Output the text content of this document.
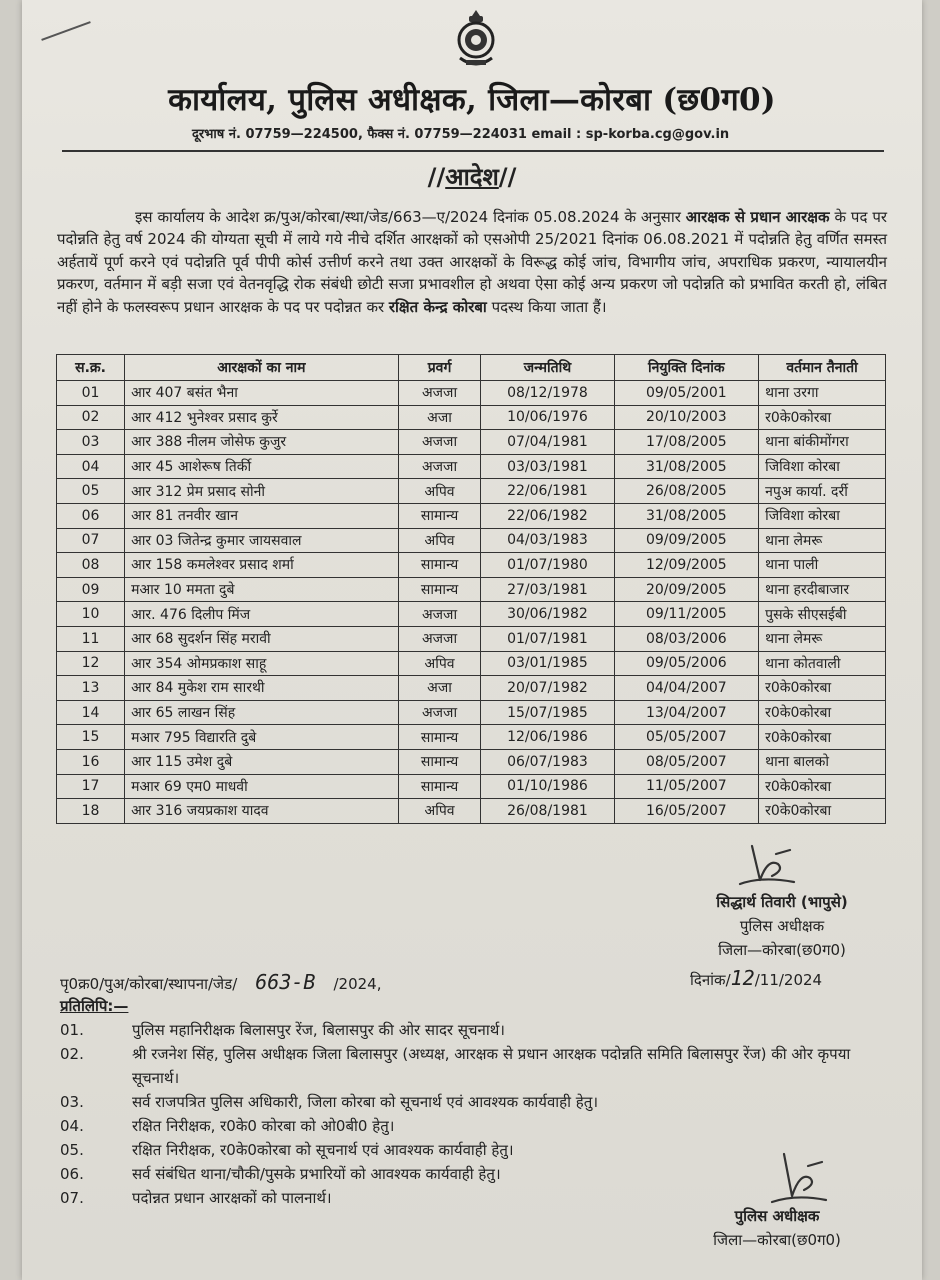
कार्यालय, पुलिस अधीक्षक, जिला—कोरबा (छ0ग0)
दूरभाष नं. 07759—224500, फैक्स नं. 07759—224031 email : sp-korba.cg@gov.in
//आदेश//
इस कार्यालय के आदेश क्र/पुअ/कोरबा/स्था/जेड/663—ए/2024 दिनांक 05.08.2024 के अनुसार आरक्षक से प्रधान आरक्षक के पद पर पदोन्नति हेतु वर्ष 2024 की योग्यता सूची में लाये गये नीचे दर्शित आरक्षकों को एसओपी 25/2021 दिनांक 06.08.2021 में पदोन्नति हेतु वर्णित समस्त अर्हतायें पूर्ण करने एवं पदोन्नति पूर्व पीपी कोर्स उत्तीर्ण करने तथा उक्त आरक्षकों के विरूद्ध कोई जांच, विभागीय जांच, अपराधिक प्रकरण, न्यायालयीन प्रकरण, वर्तमान में बड़ी सजा एवं वेतनवृद्धि रोक संबंधी छोटी सजा प्रभावशील हो अथवा ऐसा कोई अन्य प्रकरण जो पदोन्नति को प्रभावित करती हो, लंबित नहीं होने के फलस्वरूप प्रधान आरक्षक के पद पर पदोन्नत कर रक्षित केन्द्र कोरबा पदस्थ किया जाता हैं।
स.क्र.	आरक्षकों का नाम	प्रवर्ग	जन्मतिथि	नियुक्ति दिनांक	वर्तमान तैनाती
01	आर 407 बसंत भैना	अजजा	08/12/1978	09/05/2001	थाना उरगा
02	आर 412 भुनेश्वर प्रसाद कुर्रे	अजा	10/06/1976	20/10/2003	र0के0कोरबा
03	आर 388 नीलम जोसेफ कुजुर	अजजा	07/04/1981	17/08/2005	थाना बांकीमोंगरा
04	आर 45 आशेरूष तिर्की	अजजा	03/03/1981	31/08/2005	जिविशा कोरबा
05	आर 312 प्रेम प्रसाद सोनी	अपिव	22/06/1981	26/08/2005	नपुअ कार्या. दर्री
06	आर 81 तनवीर खान	सामान्य	22/06/1982	31/08/2005	जिविशा कोरबा
07	आर 03 जितेन्द्र कुमार जायसवाल	अपिव	04/03/1983	09/09/2005	थाना लेमरू
08	आर 158 कमलेश्वर प्रसाद शर्मा	सामान्य	01/07/1980	12/09/2005	थाना पाली
09	मआर 10 ममता दुबे	सामान्य	27/03/1981	20/09/2005	थाना हरदीबाजार
10	आर. 476 दिलीप मिंज	अजजा	30/06/1982	09/11/2005	पुसके सीएसईबी
11	आर 68 सुदर्शन सिंह मरावी	अजजा	01/07/1981	08/03/2006	थाना लेमरू
12	आर 354 ओमप्रकाश साहू	अपिव	03/01/1985	09/05/2006	थाना कोतवाली
13	आर 84 मुकेश राम सारथी	अजा	20/07/1982	04/04/2007	र0के0कोरबा
14	आर 65 लाखन सिंह	अजजा	15/07/1985	13/04/2007	र0के0कोरबा
15	मआर 795 विद्यारति दुबे	सामान्य	12/06/1986	05/05/2007	र0के0कोरबा
16	आर 115 उमेश दुबे	सामान्य	06/07/1983	08/05/2007	थाना बालको
17	मआर 69 एम0 माधवी	सामान्य	01/10/1986	11/05/2007	र0के0कोरबा
18	आर 316 जयप्रकाश यादव	अपिव	26/08/1981	16/05/2007	र0के0कोरबा
सिद्धार्थ तिवारी (भापुसे)
पुलिस अधीक्षक
जिला—कोरबा(छ0ग0)
पृ0क्र0/पुअ/कोरबा/स्थापना/जेड/ 663-B /2024,	दिनांक/12/11/2024
प्रतिलिपि:—
01.	पुलिस महानिरीक्षक बिलासपुर रेंज, बिलासपुर की ओर सादर सूचनार्थ।
02.	श्री रजनेश सिंह, पुलिस अधीक्षक जिला बिलासपुर (अध्यक्ष, आरक्षक से प्रधान आरक्षक पदोन्नति समिति बिलासपुर रेंज) की ओर कृपया सूचनार्थ।
03.	सर्व राजपत्रित पुलिस अधिकारी, जिला कोरबा को सूचनार्थ एवं आवश्यक कार्यवाही हेतु।
04.	रक्षित निरीक्षक, र0के0 कोरबा को ओ0बी0 हेतु।
05.	रक्षित निरीक्षक, र0के0कोरबा को सूचनार्थ एवं आवश्यक कार्यवाही हेतु।
06.	सर्व संबंधित थाना/चौकी/पुसके प्रभारियों को आवश्यक कार्यवाही हेतु।
07.	पदोन्नत प्रधान आरक्षकों को पालनार्थ।
पुलिस अधीक्षक
जिला—कोरबा(छ0ग0)
